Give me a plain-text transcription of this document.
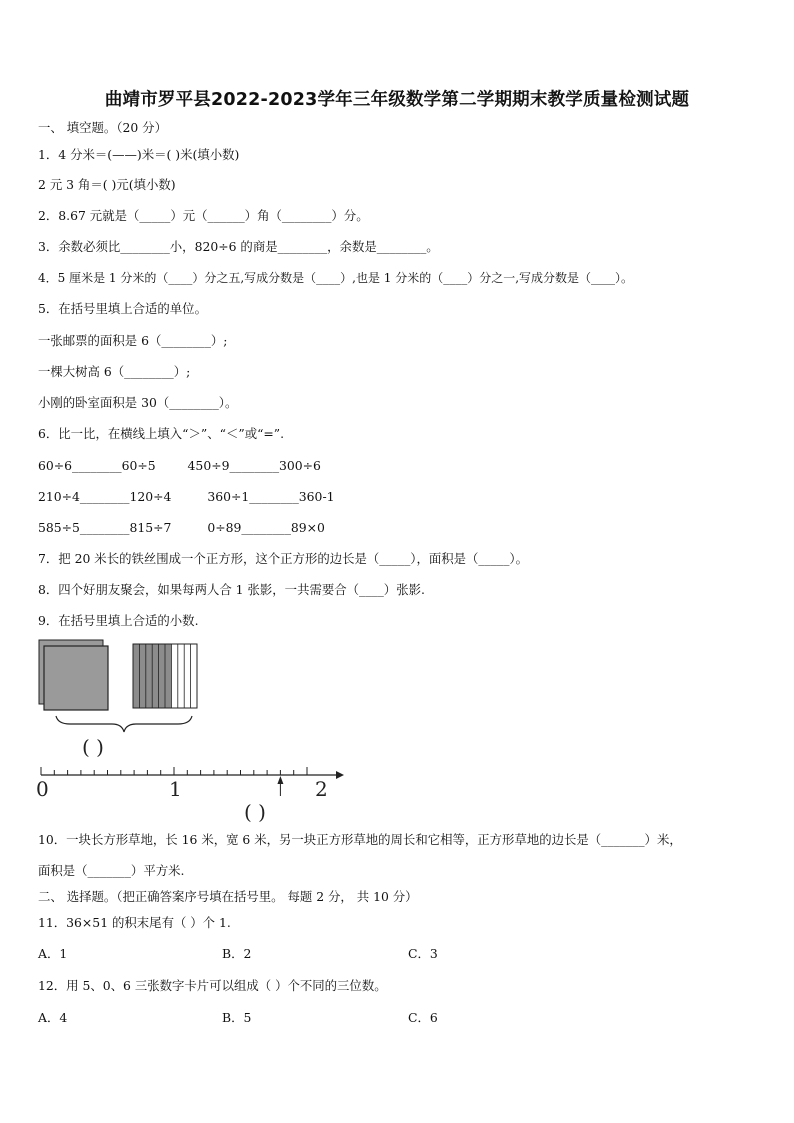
曲靖市罗平县2022-2023学年三年级数学第二学期期末教学质量检测试题
一、 填空题。（20 分）
1．4 分米＝(——)米＝( )米(填小数)
2 元 3 角＝( )元(填小数)
2．8.67 元就是（_____）元（______）角（________）分。
3．余数必须比________小，820÷6 的商是________，余数是________。
4．5 厘米是 1 分米的（____）分之五,写成分数是（____）,也是 1 分米的（____）分之一,写成分数是（____）。
5．在括号里填上合适的单位。
一张邮票的面积是 6（________）;
一棵大树高 6（________）;
小刚的卧室面积是 30（________）。
6．比一比，在横线上填入“＞”、“＜”或“=”.
60÷6________60÷5	450÷9________300÷6
210÷4________120÷4	360÷1________360-1
585÷5________815÷7	0÷89________89×0
7．把 20 米长的铁丝围成一个正方形，这个正方形的边长是（_____），面积是（_____）。
8．四个好朋友聚会，如果每两人合 1 张影，一共需要合（____）张影.
9．在括号里填上合适的小数.
( )
0	1	2
( )
10．一块长方形草地，长 16 米，宽 6 米，另一块正方形草地的周长和它相等，正方形草地的边长是（_______）米，
面积是（_______）平方米.
二、 选择题。（把正确答案序号填在括号里。 每题 2 分， 共 10 分）
11．36×51 的积末尾有（ ）个 1.
A．1	B．2	C．3
12．用 5、0、6 三张数字卡片可以组成（ ）个不同的三位数。
A．4	B．5	C．6
